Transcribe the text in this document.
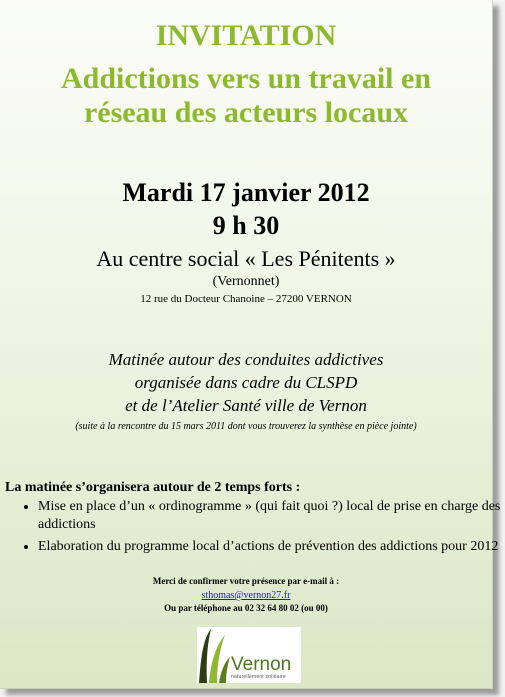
INVITATION
Addictions vers un travail en
réseau des acteurs locaux
Mardi 17 janvier 2012
9 h 30
Au centre social « Les Pénitents »
(Vernonnet)
12 rue du Docteur Chanoine – 27200 VERNON
Matinée autour des conduites addictives
organisée dans cadre du CLSPD
et de l’Atelier Santé ville de Vernon
(suite à la rencontre du 15 mars 2011 dont vous trouverez la synthèse en pièce jointe)
La matinée s’organisera autour de 2 temps forts :
• Mise en place d’un « ordinogramme » (qui fait quoi ?) local de prise en charge des addictions
• Elaboration du programme local d’actions de prévention des addictions pour 2012
Merci de confirmer votre présence par e-mail à :
sthomas@vernon27.fr
Ou par téléphone au 02 32 64 80 02 (ou 00)
Vernon
naturellement solidaire
